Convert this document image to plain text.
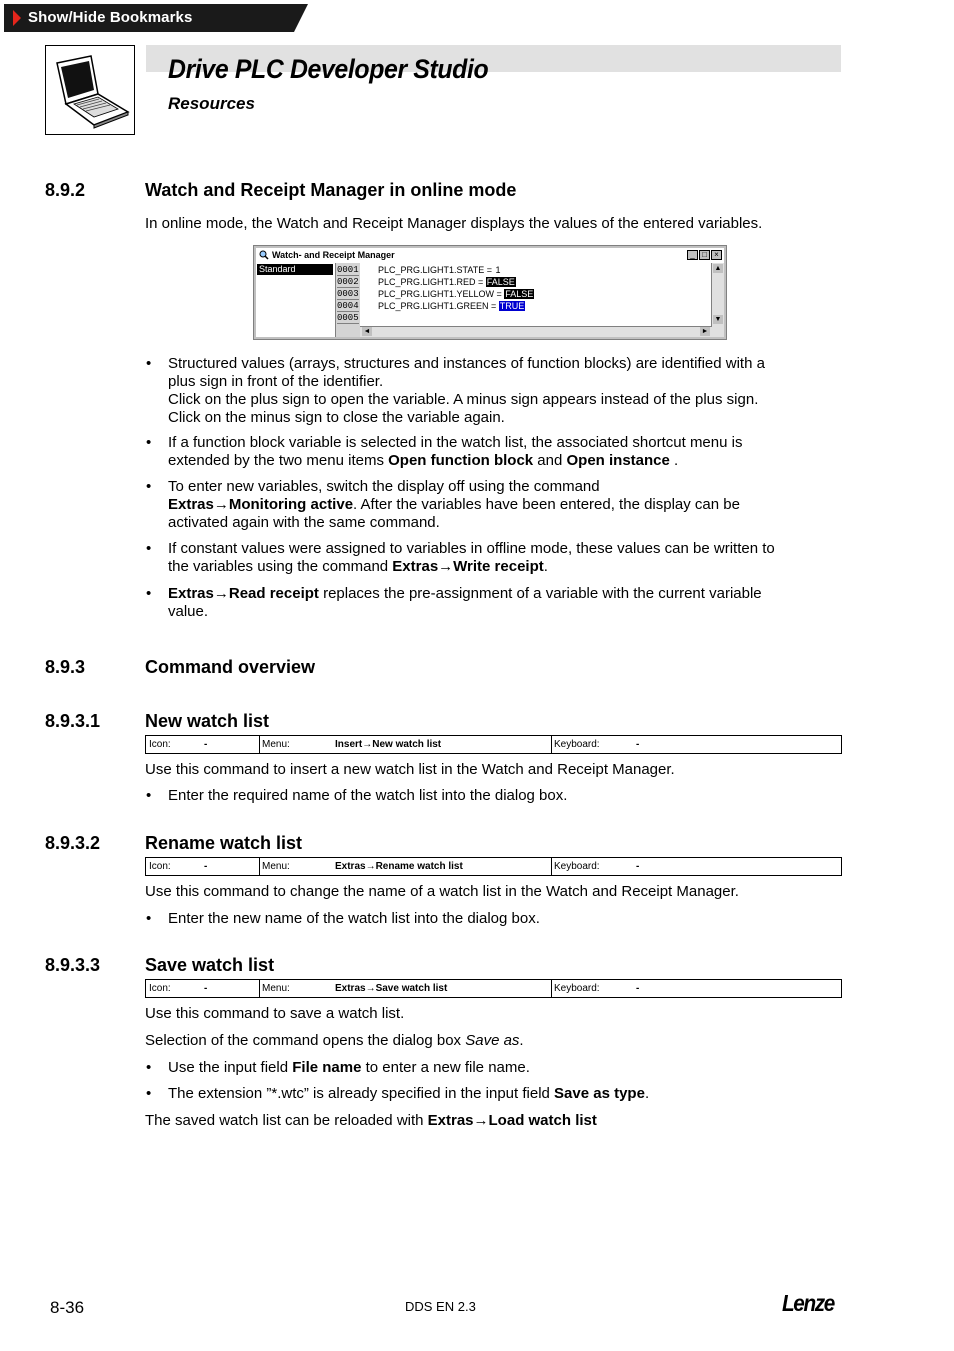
Show/Hide Bookmarks
Drive PLC Developer Studio
Resources
8.9.2	Watch and Receipt Manager in online mode
In online mode, the Watch and Receipt Manager displays the values of the entered variables.
Watch- and Receipt Manager	_ □ ×
Standard	0001
0002
0003
0004
0005
PLC_PRG.LIGHT1.STATE = 1
PLC_PRG.LIGHT1.RED = FALSE
PLC_PRG.LIGHT1.YELLOW = FALSE
PLC_PRG.LIGHT1.GREEN = TRUE
▲
▼
◄	►
• Structured values (arrays, structures and instances of function blocks) are identified with a
plus sign in front of the identifier.
Click on the plus sign to open the variable. A minus sign appears instead of the plus sign.
Click on the minus sign to close the variable again.
• If a function block variable is selected in the watch list, the associated shortcut menu is
extended by the two menu items Open function block and Open instance .
• To enter new variables, switch the display off using the command
Extras→Monitoring active. After the variables have been entered, the display can be
activated again with the same command.
• If constant values were assigned to variables in offline mode, these values can be written to
the variables using the command Extras→Write receipt.
• Extras→Read receipt replaces the pre-assignment of a variable with the current variable
value.
8.9.3	Command overview
8.9.3.1 New watch list
Icon:	-	Menu:	Insert→New watch list	Keyboard:	-
Use this command to insert a new watch list in the Watch and Receipt Manager.
• Enter the required name of the watch list into the dialog box.
8.9.3.2 Rename watch list
Icon:	-	Menu:	Extras→Rename watch list	Keyboard:	-
Use this command to change the name of a watch list in the Watch and Receipt Manager.
• Enter the new name of the watch list into the dialog box.
8.9.3.3 Save watch list
Icon:	-	Menu:	Extras→Save watch list	Keyboard:	-
Use this command to save a watch list.
Selection of the command opens the dialog box Save as.
• Use the input field File name to enter a new file name.
• The extension ”*.wtc” is already specified in the input field Save as type.
The saved watch list can be reloaded with Extras→Load watch list
8-36	DDS EN 2.3	Lenze
